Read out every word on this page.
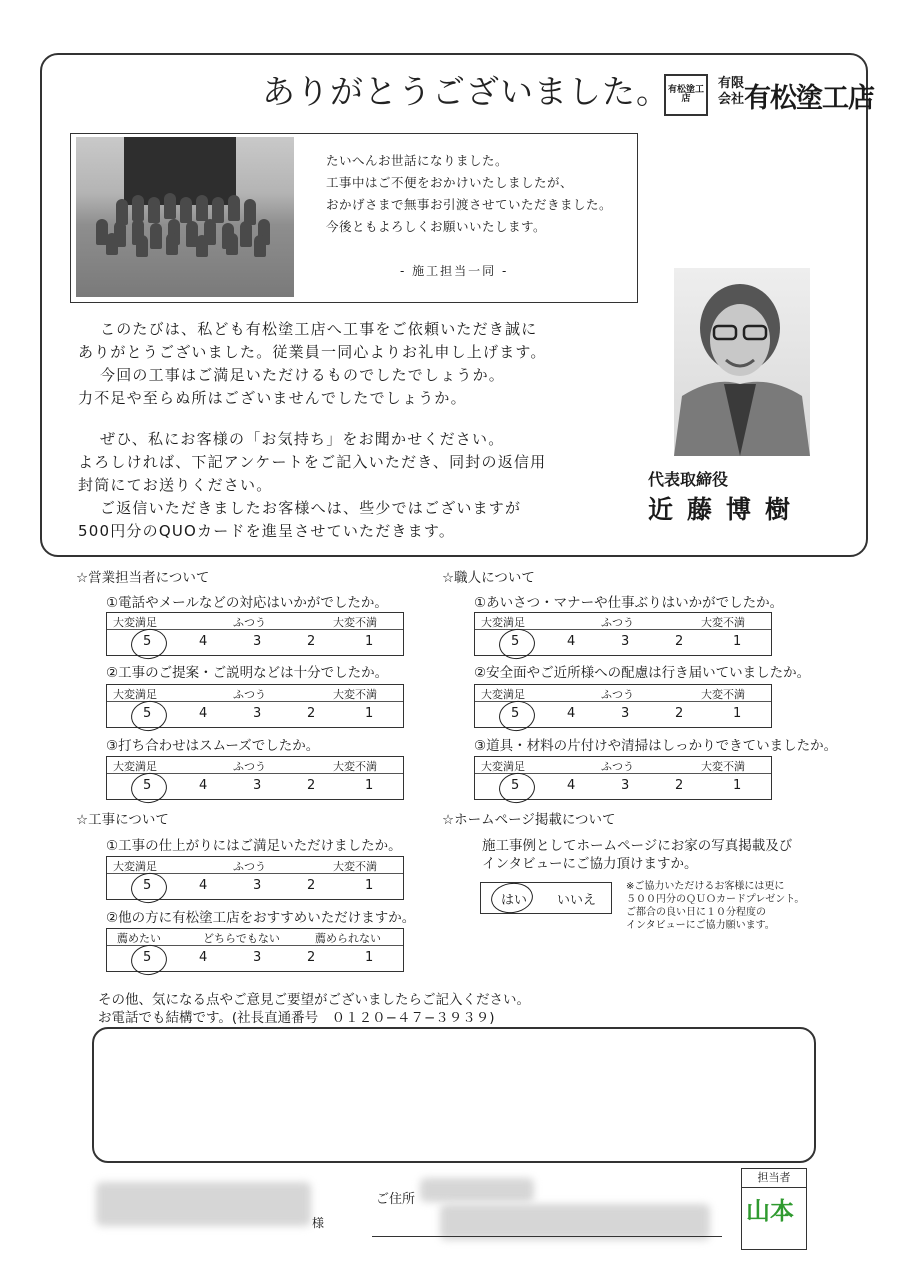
ありがとうございました。
有松塗工店
有限
会社 有松塗工店
たいへんお世話になりました。
工事中はご不便をおかけいたしましたが、
おかげさまで無事お引渡させていただきました。
今後ともよろしくお願いいたします。
- 施工担当一同 -
このたびは、私ども有松塗工店へ工事をご依頼いただき誠に
ありがとうございました。従業員一同心よりお礼申し上げます。
今回の工事はご満足いただけるものでしたでしょうか。
力不足や至らぬ所はございませんでしたでしょうか。
ぜひ、私にお客様の「お気持ち」をお聞かせください。
よろしければ、下記アンケートをご記入いただき、同封の返信用
封筒にてお送りください。
ご返信いただきましたお客様へは、些少ではございますが
500円分のQUOカードを進呈させていただきます。
代表取締役
近藤博樹
☆営業担当者について	☆職人について
☆工事について	☆ホームページ掲載について
①電話やメールなどの対応はいかがでしたか。
②工事のご提案・ご説明などは十分でしたか。
③打ち合わせはスムーズでしたか。
①あいさつ・マナーや仕事ぶりはいかがでしたか。
②安全面やご近所様への配慮は行き届いていましたか。
③道具・材料の片付けや清掃はしっかりできていましたか。
①工事の仕上がりにはご満足いただけましたか。
②他の方に有松塗工店をおすすめいただけますか。
大変満足	ふつう	大変不満
5	4	3	2	1
大変満足	ふつう	大変不満
5	4	3	2	1
大変満足	ふつう	大変不満
5	4	3	2	1
大変満足	ふつう	大変不満
5	4	3	2	1
大変満足	ふつう	大変不満
5	4	3	2	1
大変満足	ふつう	大変不満
5	4	3	2	1
大変満足	ふつう	大変不満
5	4	3	2	1
薦めたい	どちらでもない	薦められない
5	4	3	2	1
施工事例としてホームページにお家の写真掲載及び
インタビューにご協力頂けますか。
はい いいえ
※ご協力いただけるお客様には更に
５００円分のＱＵＯカードプレゼント。
ご都合の良い日に１０分程度の
インタビューにご協力願います。
その他、気になる点やご意見ご要望がございましたらご記入ください。
お電話でも結構です。(社長直通番号　０１２０−４７−３９３９)
様
ご住所
担当者
山本
